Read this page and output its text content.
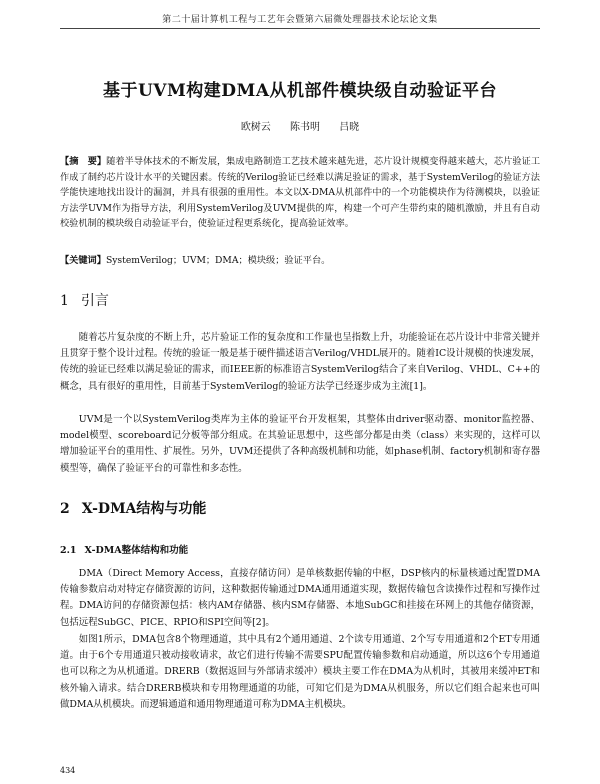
第二十届计算机工程与工艺年会暨第六届微处理器技术论坛论文集
基于UVM构建DMA从机部件模块级自动验证平台
欧树云 陈书明 吕晓
【摘　要】随着半导体技术的不断发展，集成电路制造工艺技术越来越先进，芯片设计规模变得越来越大，芯片验证工作成了制约芯片设计水平的关键因素。传统的Verilog验证已经难以满足验证的需求，基于SystemVerilog的验证方法学能快速地找出设计的漏洞，并具有很强的重用性。本文以X-DMA从机部件中的一个功能模块作为待测模块，以验证方法学UVM作为指导方法，利用SystemVerilog及UVM提供的库，构建一个可产生带约束的随机激励，并且有自动校验机制的模块级自动验证平台，使验证过程更系统化，提高验证效率。
【关键词】SystemVerilog；UVM；DMA；模块级；验证平台。
1 引言
随着芯片复杂度的不断上升，芯片验证工作的复杂度和工作量也呈指数上升，功能验证在芯片设计中非常关键并且贯穿于整个设计过程。传统的验证一般是基于硬件描述语言Verilog/VHDL展开的。随着IC设计规模的快速发展，传统的验证已经难以满足验证的需求，而IEEE新的标准语言SystemVerilog结合了来自Verilog、VHDL、C++的概念，具有很好的重用性，目前基于SystemVerilog的验证方法学已经逐步成为主流[1]。
UVM是一个以SystemVerilog类库为主体的验证平台开发框架，其整体由driver驱动器、monitor监控器、model模型、scoreboard记分板等部分组成。在其验证思想中，这些部分都是由类（class）来实现的，这样可以增加验证平台的重用性、扩展性。另外，UVM还提供了各种高级机制和功能，如phase机制、factory机制和寄存器模型等，确保了验证平台的可靠性和多态性。
2 X-DMA结构与功能
2.1 X-DMA整体结构和功能
DMA（Direct Memory Access，直接存储访问）是单核数据传输的中枢，DSP核内的标量核通过配置DMA传输参数启动对特定存储资源的访问，这种数据传输通过DMA通用通道实现，数据传输包含读操作过程和写操作过程。DMA访问的存储资源包括：核内AM存储器、核内SM存储器、本地SubGC和挂接在环网上的其他存储资源，包括远程SubGC、PICE、RPIO和SPI空间等[2]。
如图1所示，DMA包含8个物理通道，其中具有2个通用通道、2个读专用通道、2个写专用通道和2个ET专用通道。由于6个专用通道只被动接收请求，故它们进行传输不需要SPU配置传输参数和启动通道，所以这6个专用通道也可以称之为从机通道。DRERB（数据返回与外部请求缓冲）模块主要工作在DMA为从机时，其被用来缓冲ET和核外输入请求。结合DRERB模块和专用物理通道的功能，可知它们是为DMA从机服务，所以它们组合起来也可叫做DMA从机模块。而逻辑通道和通用物理通道可称为DMA主机模块。
434
